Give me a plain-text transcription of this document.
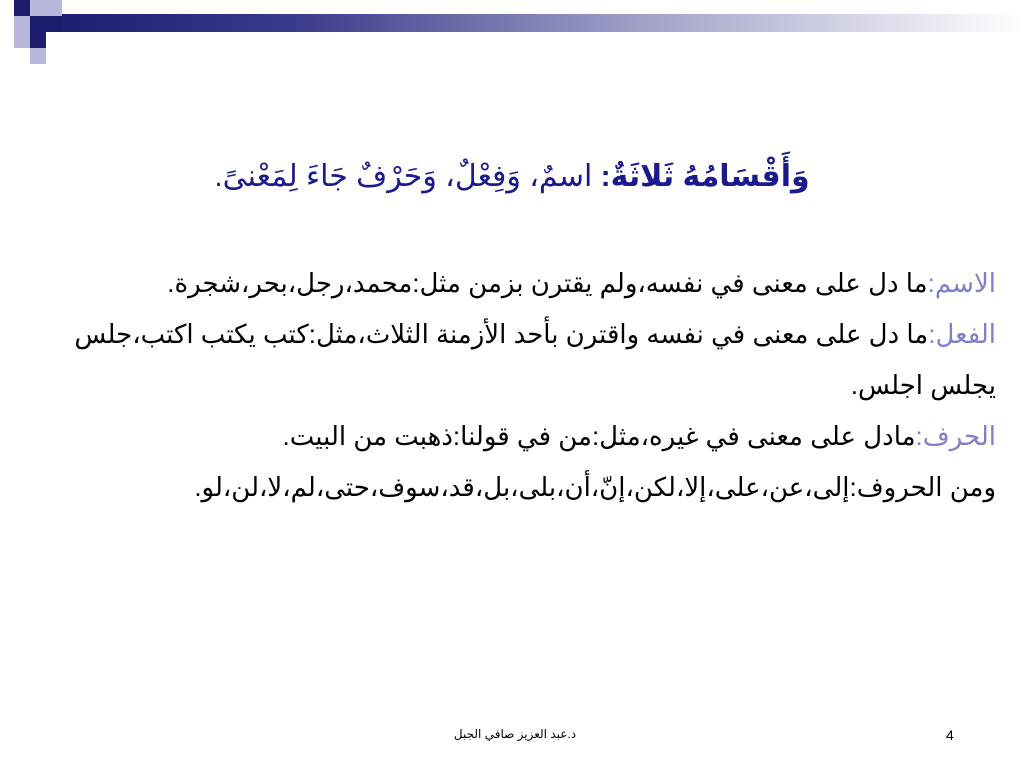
وَأَقْسَامُهُ ثَلاثَةٌ: اسمٌ، وَفِعْلٌ، وَحَرْفٌ جَاءَ لِمَعْنىً.

الاسم:ما دل على معنى في نفسه،ولم يقترن بزمن مثل:محمد،رجل،بحر،شجرة.

الفعل:ما دل على معنى في نفسه واقترن بأحد الأزمنة الثلاث،مثل:كتب يكتب اكتب،جلس يجلس اجلس.

الحرف:مادل على معنى في غيره،مثل:من في قولنا:ذهبت من البيت.

ومن الحروف:إلى،عن،على،إلا،لكن،إنّ،أن،بلى،بل،قد،سوف،حتى،لم،لا،لن،لو.

د.عبد العزيز صافي الجبل	4
